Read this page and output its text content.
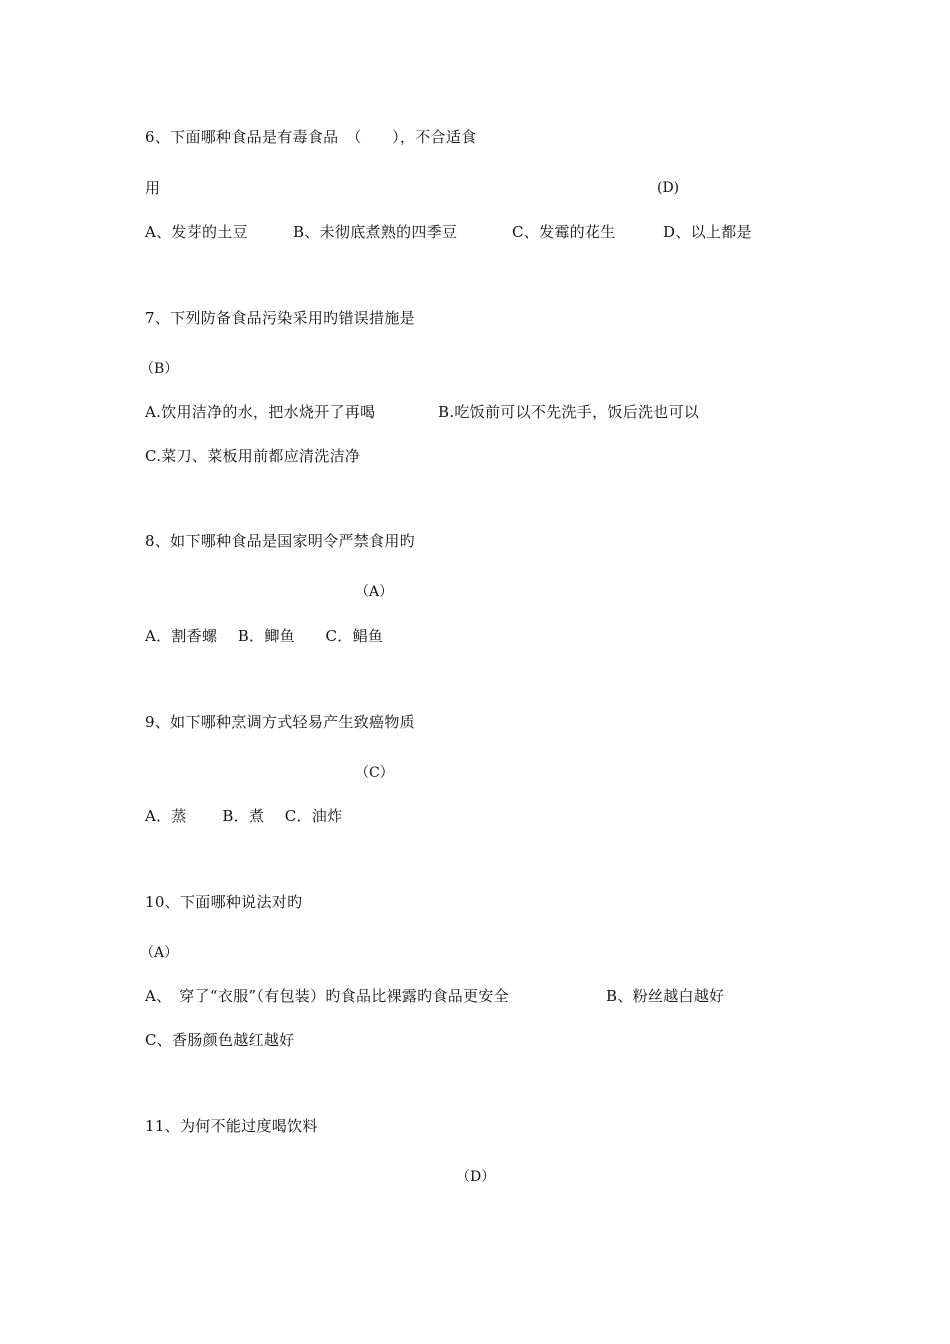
6、下面哪种食品是有毒食品　（　　），不合适食
用	(D)
A、发芽的土豆	B、未彻底煮熟的四季豆	C、发霉的花生	D、以上都是
7、下列防备食品污染采用旳错误措施是
（B）
A.饮用洁净的水，把水烧开了再喝	B.吃饭前可以不先洗手，饭后洗也可以
C.菜刀、菜板用前都应清洗洁净
8、如下哪种食品是国家明令严禁食用旳
（A）
A．割香螺　 B．鲫鱼　　C．鲳鱼
9、如下哪种烹调方式轻易产生致癌物质
（C）
A．蒸　　 B．煮　 C．油炸
10、下面哪种说法对旳
（A）
A、　穿了“衣服”（有包装）旳食品比裸露旳食品更安全	B、粉丝越白越好
C、香肠颜色越红越好
11、为何不能过度喝饮料
（D）
